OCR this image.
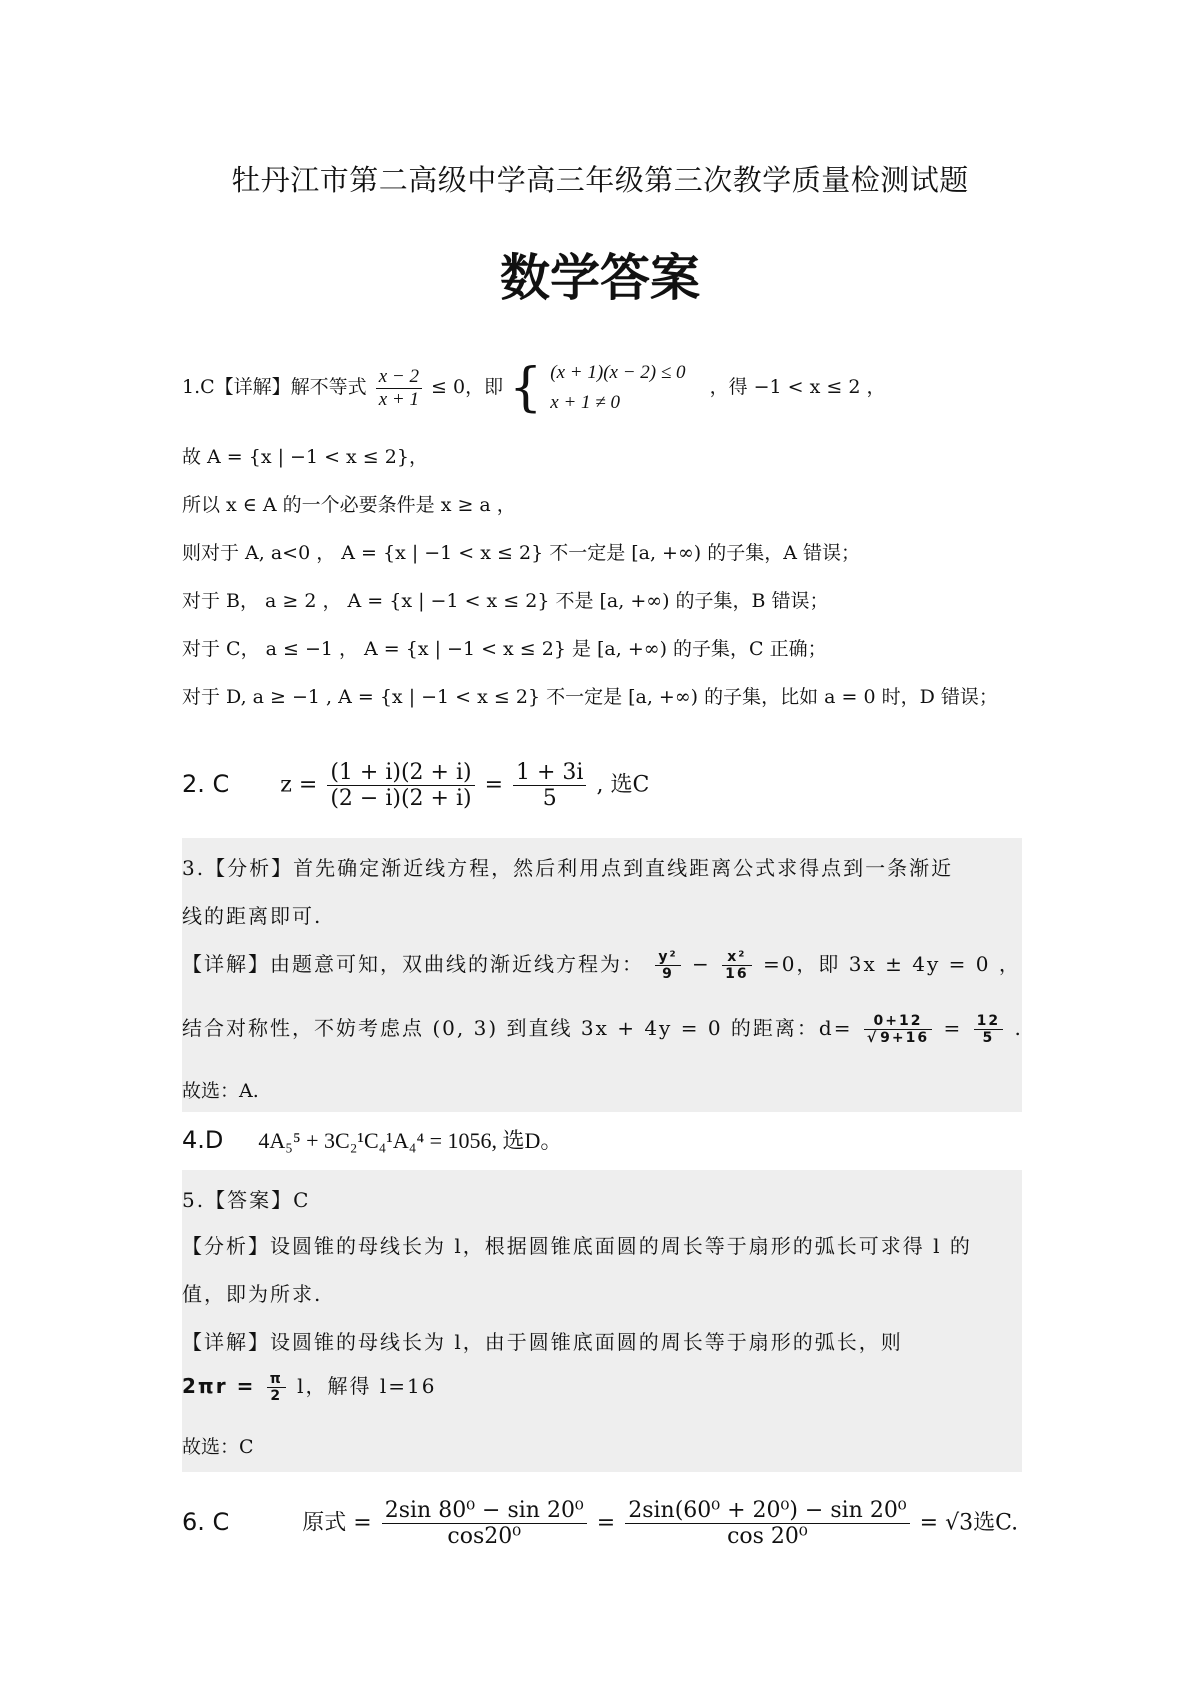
牡丹江市第二高级中学高三年级第三次教学质量检测试题
数学答案
1.C【详解】解不等式 $\frac{x - 2}{x + 1} \le 0$，即 { (x + 1)(x − 2) ≤ 0
x + 1 ≠ 0
，得 −1 < x ≤ 2 ，
故 A = {x | −1 < x ≤ 2}，
所以 x ∈ A 的一个必要条件是 x ≥ a ，
则对于 A, a<0 ， A = {x | −1 < x ≤ 2} 不一定是 [a, +∞) 的子集，A 错误；
对于 B， a ≥ 2 ， A = {x | −1 < x ≤ 2} 不是 [a, +∞) 的子集，B 错误；
对于 C， a ≤ −1 ， A = {x | −1 < x ≤ 2} 是 [a, +∞) 的子集，C 正确；
对于 D, a ≥ −1 , A = {x | −1 < x ≤ 2} 不一定是 [a, +∞) 的子集，比如 a = 0 时，D 错误；
2. C $z = \frac{(1 + i)(2 + i)}{(2 - i)(2 + i)} = \frac{1 + 3i}{5}$ , 选C
3.【分析】首先确定渐近线方程，然后利用点到直线距离公式求得点到一条渐近
线的距离即可.
【详解】由题意可知，双曲线的渐近线方程为： $\frac{\text{y²}}{9} - \frac{\text{x²}}{16} =0$，即 3x ± 4y = 0 ，
结合对称性，不妨考虑点 (0, 3) 到直线 3x + 4y = 0 的距离：$d= \frac{0+12}{√ 9+16} = \frac{12}{5}$ .
故选：A.
4.D 4A₅⁵ + 3C₂¹C₄¹A₄⁴ = 1056, 选D。
5.【答案】C
【分析】设圆锥的母线长为 l，根据圆锥底面圆的周长等于扇形的弧长可求得 l 的
值，即为所求.
【详解】设圆锥的母线长为 l，由于圆锥底面圆的周长等于扇形的弧长，则
$2\pi r = \frac{\pi}{2}$ l，解得 l=16
故选：C
6. C	原式 = $\frac{\text{2sin 80⁰ − sin 20⁰}}{\text{cos20⁰}} = \frac{\text{2sin(60⁰ + 20⁰) − sin 20⁰}}{\text{cos 20⁰}} = √3$选C.
